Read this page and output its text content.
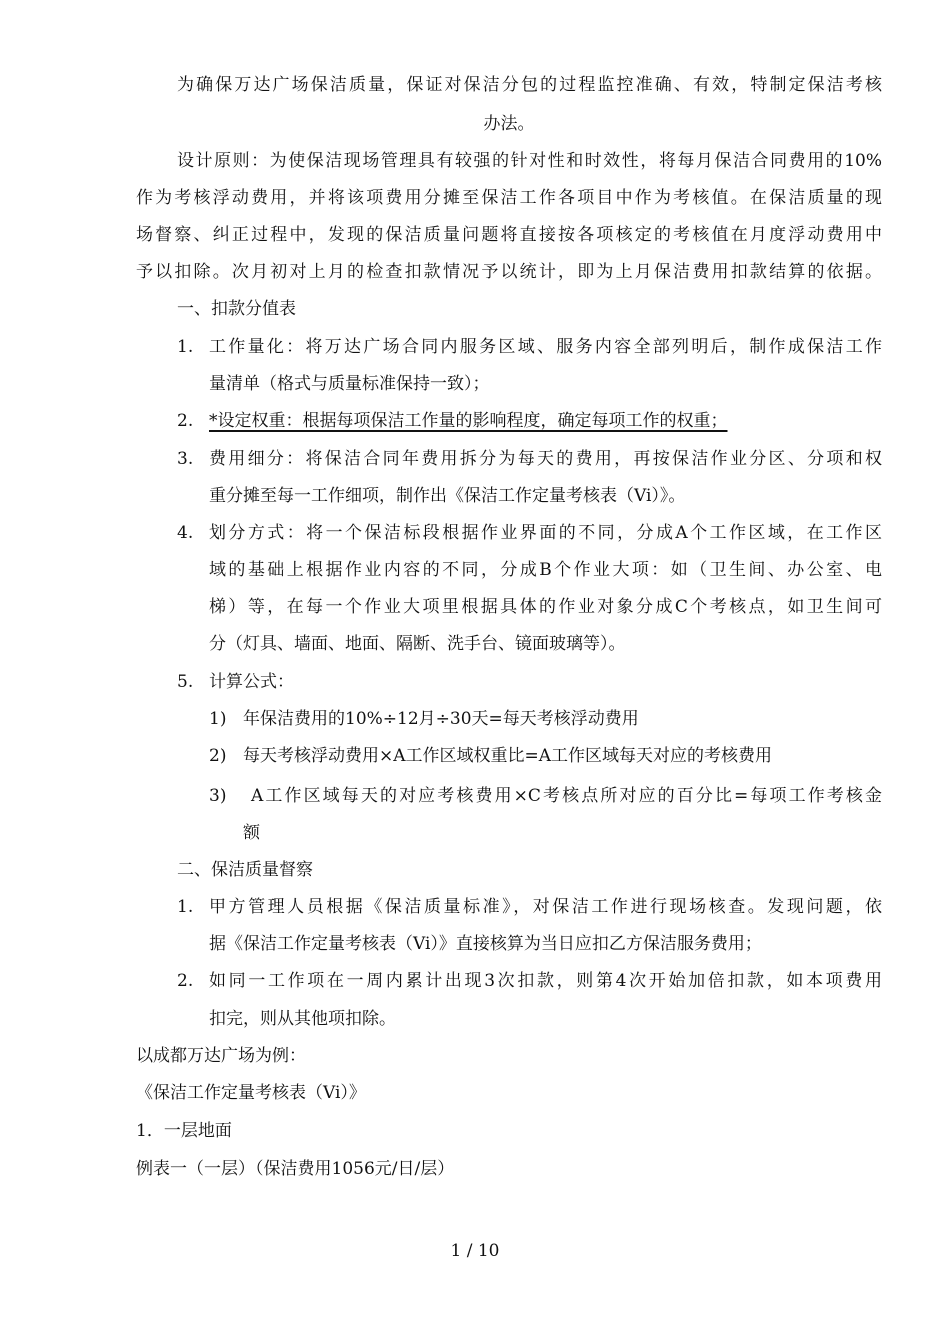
为确保万达广场保洁质量，保证对保洁分包的过程监控准确、有效，特制定保洁考核
办法。
设计原则：为使保洁现场管理具有较强的针对性和时效性，将每月保洁合同费用的10%
作为考核浮动费用，并将该项费用分摊至保洁工作各项目中作为考核值。在保洁质量的现
场督察、纠正过程中，发现的保洁质量问题将直接按各项核定的考核值在月度浮动费用中
予以扣除。次月初对上月的检查扣款情况予以统计，即为上月保洁费用扣款结算的依据。
一、扣款分值表
1. 工作量化：将万达广场合同内服务区域、服务内容全部列明后，制作成保洁工作
量清单（格式与质量标准保持一致）；
2. *设定权重：根据每项保洁工作量的影响程度，确定每项工作的权重；
3. 费用细分：将保洁合同年费用拆分为每天的费用，再按保洁作业分区、分项和权
重分摊至每一工作细项，制作出《保洁工作定量考核表（Vi）》。
4. 划分方式：将一个保洁标段根据作业界面的不同，分成A个工作区域，在工作区
域的基础上根据作业内容的不同，分成B个作业大项：如（卫生间、办公室、电
梯）等，在每一个作业大项里根据具体的作业对象分成C个考核点，如卫生间可
分（灯具、墙面、地面、隔断、洗手台、镜面玻璃等）。
5. 计算公式：
1) 年保洁费用的10%÷12月÷30天=每天考核浮动费用
2) 每天考核浮动费用×A工作区域权重比=A工作区域每天对应的考核费用
3) A工作区域每天的对应考核费用×C考核点所对应的百分比=每项工作考核金
额
二、保洁质量督察
1. 甲方管理人员根据《保洁质量标准》，对保洁工作进行现场核查。发现问题，依
据《保洁工作定量考核表（Vi）》直接核算为当日应扣乙方保洁服务费用；
2. 如同一工作项在一周内累计出现3次扣款，则第4次开始加倍扣款，如本项费用
扣完，则从其他项扣除。
以成都万达广场为例：
《保洁工作定量考核表（Vi）》
1．一层地面
例表一（一层）（保洁费用1056元/日/层）
1 / 10
